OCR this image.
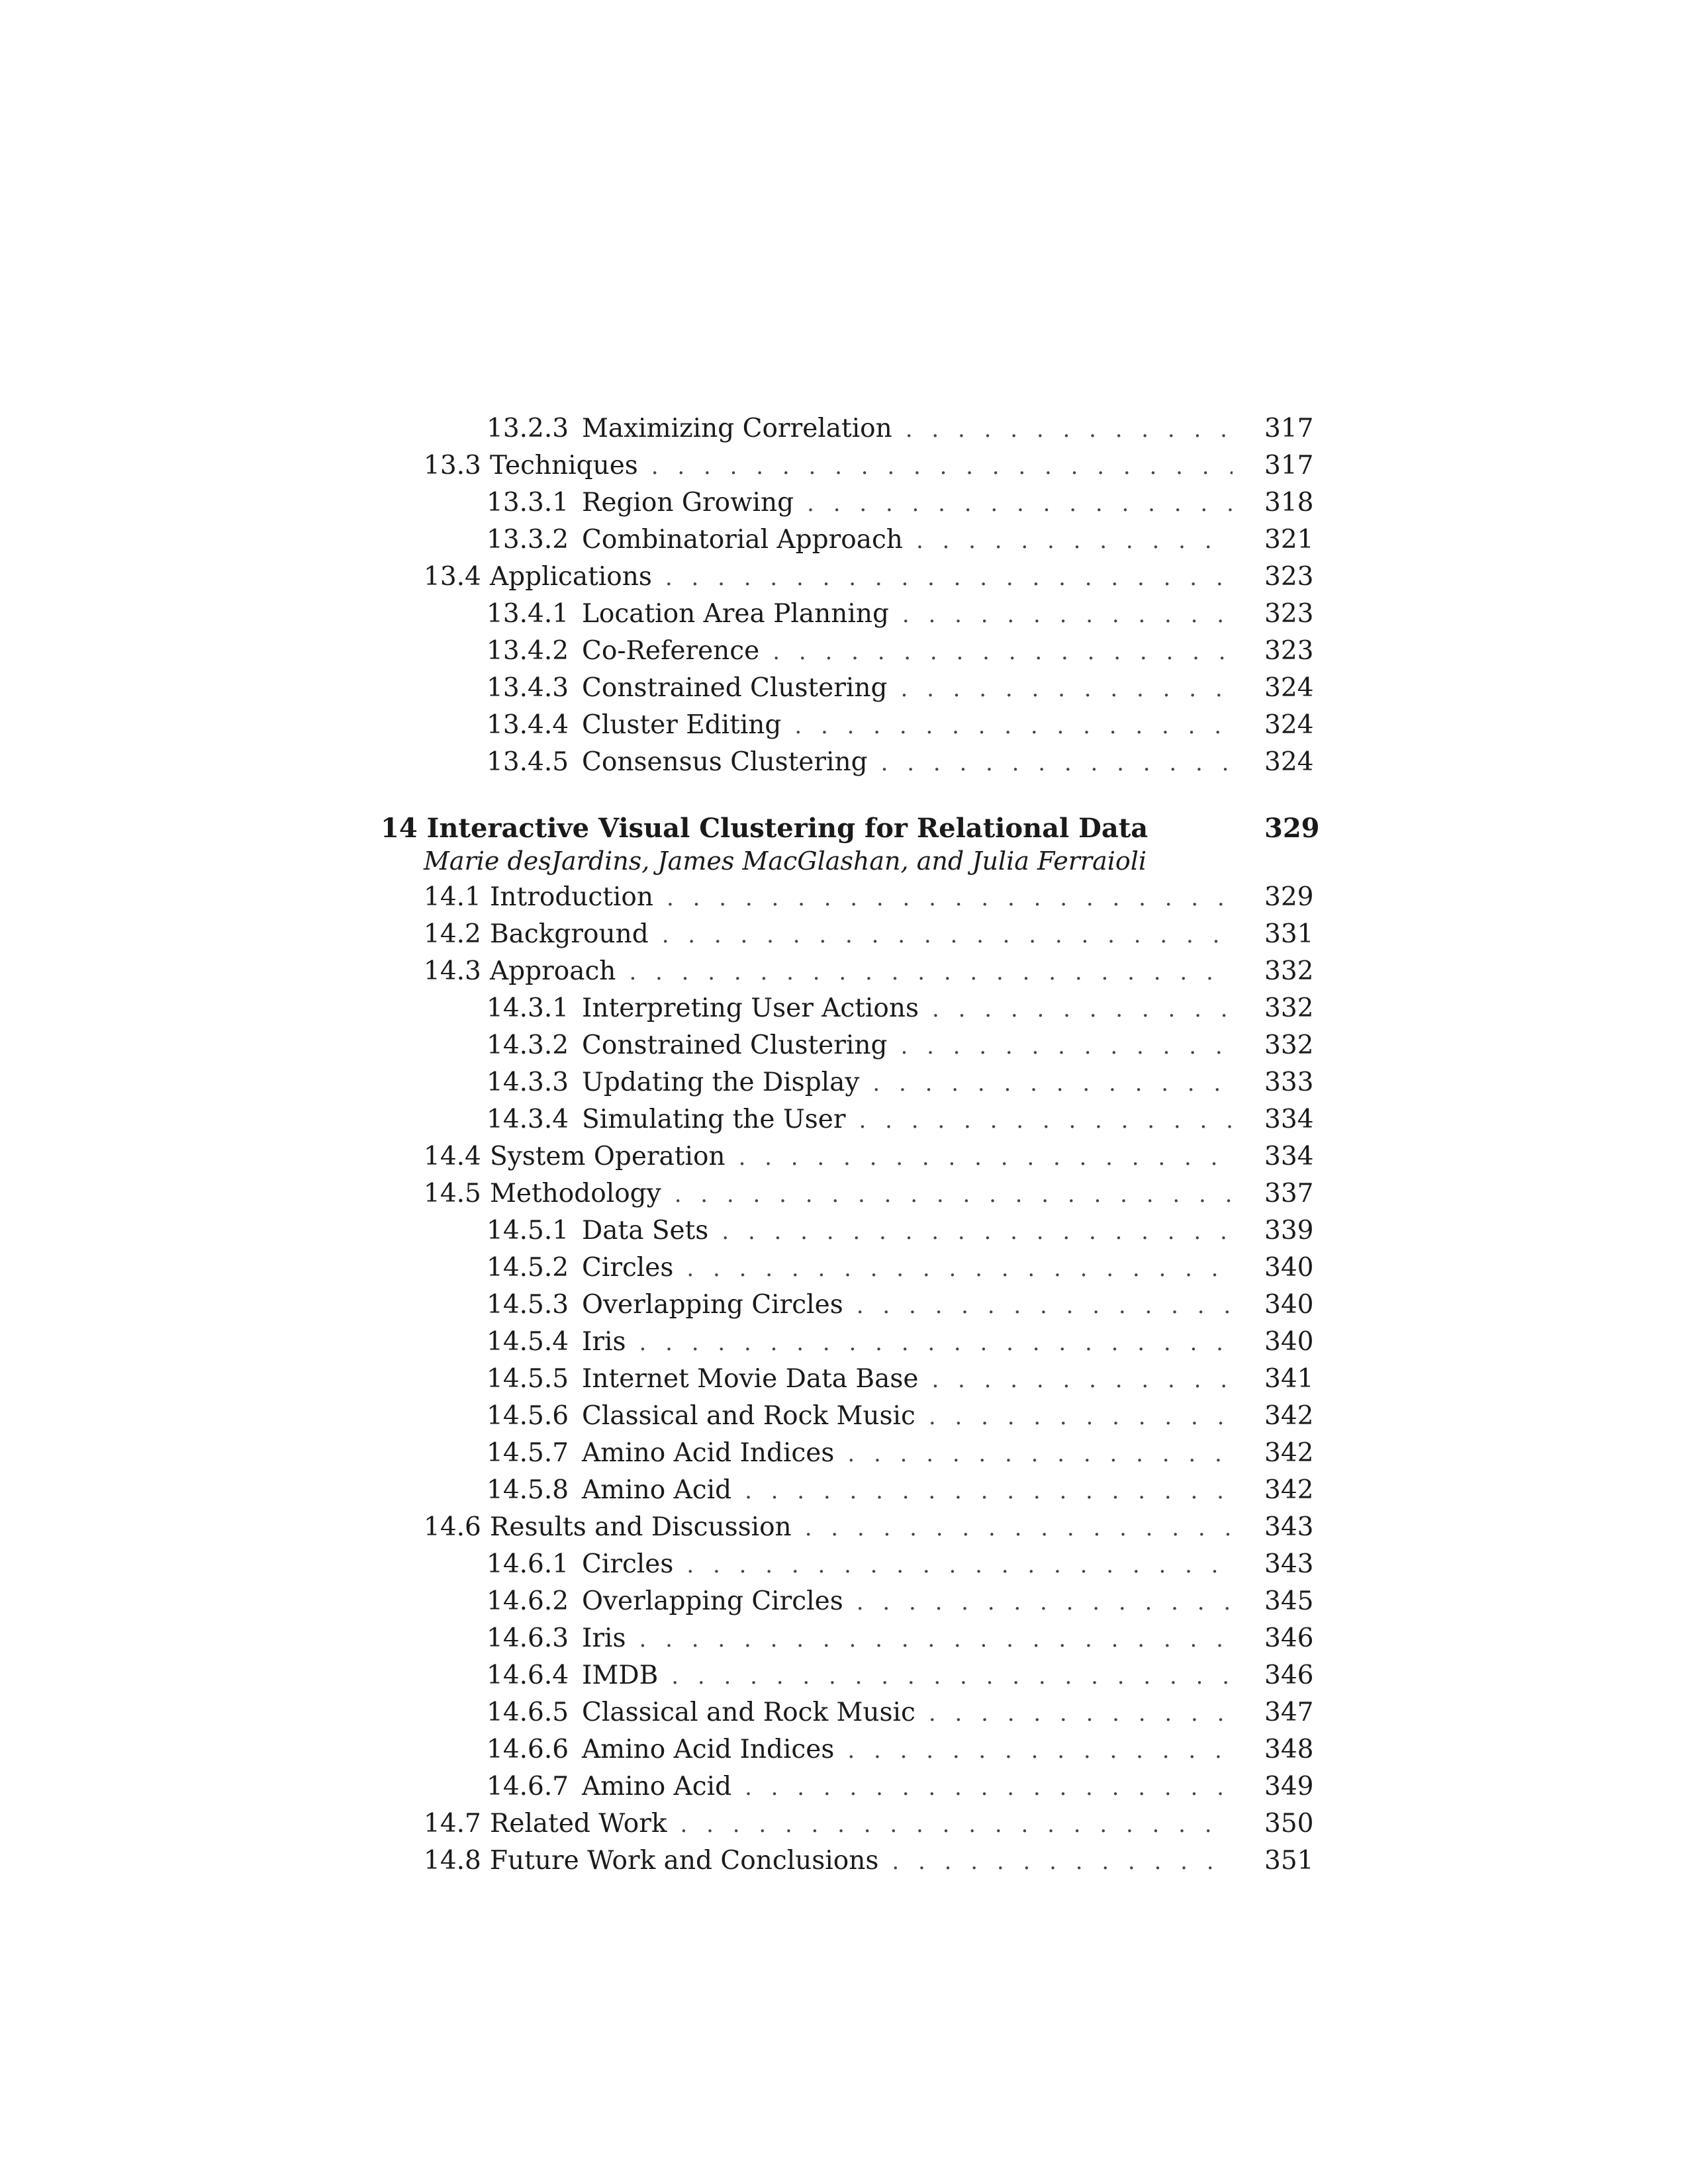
13.2.3 Maximizing Correlation . . .	317
13.3 Techniques . . .	317
13.3.1 Region Growing . . .	318
13.3.2 Combinatorial Approach . . .	321
13.4 Applications . . .	323
13.4.1 Location Area Planning . . .	323
13.4.2 Co-Reference . . .	323
13.4.3 Constrained Clustering . . .	324
13.4.4 Cluster Editing . . .	324
13.4.5 Consensus Clustering . . .	324
14 Interactive Visual Clustering for Relational Data	329
Marie desJardins, James MacGlashan, and Julia Ferraioli
14.1 Introduction . . .	329
14.2 Background . . .	331
14.3 Approach . . .	332
14.3.1 Interpreting User Actions . . .	332
14.3.2 Constrained Clustering . . .	332
14.3.3 Updating the Display . . .	333
14.3.4 Simulating the User . . .	334
14.4 System Operation . . .	334
14.5 Methodology . . .	337
14.5.1 Data Sets . . .	339
14.5.2 Circles . . .	340
14.5.3 Overlapping Circles . . .	340
14.5.4 Iris . . .	340
14.5.5 Internet Movie Data Base . . .	341
14.5.6 Classical and Rock Music . . .	342
14.5.7 Amino Acid Indices . . .	342
14.5.8 Amino Acid . . .	342
14.6 Results and Discussion . . .	343
14.6.1 Circles . . .	343
14.6.2 Overlapping Circles . . .	345
14.6.3 Iris . . .	346
14.6.4 IMDB . . .	346
14.6.5 Classical and Rock Music . . .	347
14.6.6 Amino Acid Indices . . .	348
14.6.7 Amino Acid . . .	349
14.7 Related Work . . .	350
14.8 Future Work and Conclusions . . .	351
